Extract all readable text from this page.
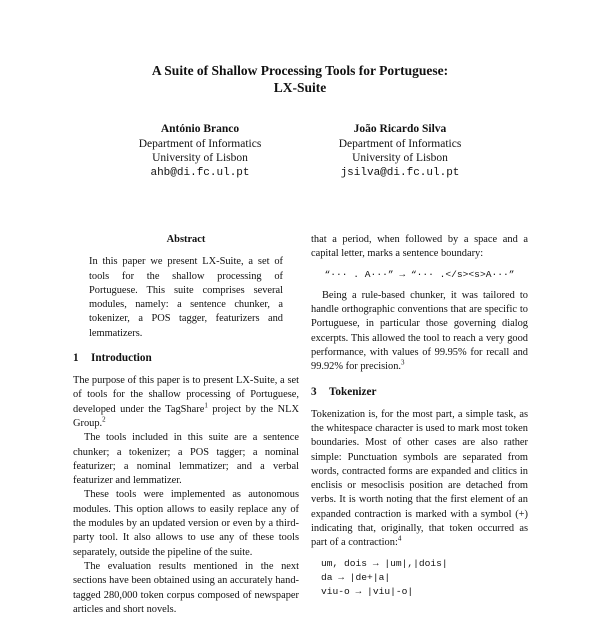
A Suite of Shallow Processing Tools for Portuguese:
LX-Suite
António Branco
Department of Informatics
University of Lisbon
ahb@di.fc.ul.pt
João Ricardo Silva
Department of Informatics
University of Lisbon
jsilva@di.fc.ul.pt
Abstract

In this paper we present LX-Suite, a set of tools for the shallow processing of Portuguese. This suite comprises several modules, namely: a sentence chunker, a tokenizer, a POS tagger, featurizers and lemmatizers.

1 Introduction

The purpose of this paper is to present LX-Suite, a set of tools for the shallow processing of Portuguese, developed under the TagShare$^1$ project by the NLX Group.$^2$

The tools included in this suite are a sentence chunker; a tokenizer; a POS tagger; a nominal featurizer; a nominal lemmatizer; and a verbal featurizer and lemmatizer.

These tools were implemented as autonomous modules. This option allows to easily replace any of the modules by an updated version or even by a third-party tool. It also allows to use any of these tools separately, outside the pipeline of the suite.

The evaluation results mentioned in the next sections have been obtained using an accurately hand-tagged 280,000 token corpus composed of newspaper articles and short novels.

that a period, when followed by a space and a capital letter, marks a sentence boundary:

“··· . A···” → “··· .</s><s>A···”

Being a rule-based chunker, it was tailored to handle orthographic conventions that are specific to Portuguese, in particular those governing dialog excerpts. This allowed the tool to reach a very good performance, with values of 99.95% for recall and 99.92% for precision.$^3$

3 Tokenizer

Tokenization is, for the most part, a simple task, as the whitespace character is used to mark most token boundaries. Most of other cases are also rather simple: Punctuation symbols are separated from words, contracted forms are expanded and clitics in enclisis or mesoclisis position are detached from verbs. It is worth noting that the first element of an expanded contraction is marked with a symbol (+) indicating that, originally, that token occurred as part of a contraction:$^4$

um, dois → |um|,|dois|
da → |de+|a|
viu-o → |viu|-o|
